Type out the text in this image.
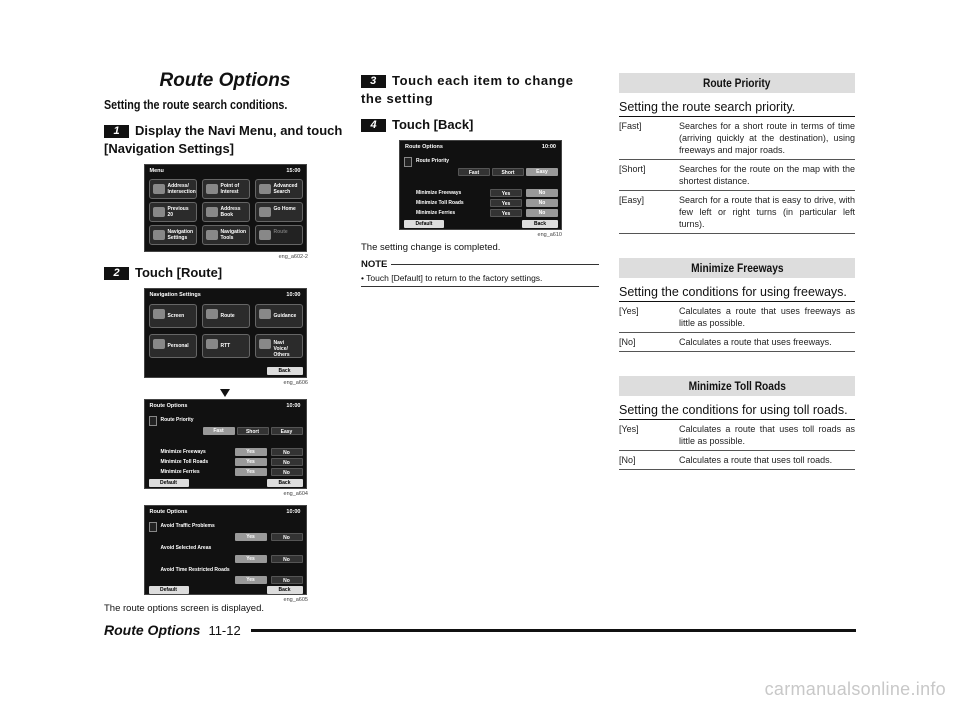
Route Options
Setting the route search conditions.
1 Display the Navi Menu, and touch [Navigation Settings]
Menu	15:00
Address/ Intersection
Point of Interest
Advanced Search
Previous 20
Address Book
Go Home
Navigation Settings
Navigation Tools
Route
eng_a602-2
2 Touch [Route]
Navigation Settings	10:00
Screen	Route	Guidance
Personal	RTT	Navi Voice/ Others
Back
eng_a606
Route Options	10:00
Route Priority
Fast	Short	Easy
Minimize Freeways	Yes	No
Minimize Toll Roads	Yes	No
Minimize Ferries	Yes	No
Default	Back
eng_a604
Route Options	10:00
Avoid Traffic Problems
Yes	No
Avoid Selected Areas
Yes	No
Avoid Time Restricted Roads
Yes	No
Default	Back
eng_a605
The route options screen is displayed.
3 Touch each item to change the setting
4 Touch [Back]
Route Options	10:00
Route Priority
Fast	Short	Easy
Minimize Freeways	Yes	No
Minimize Toll Roads	Yes	No
Minimize Ferries	Yes	No
Default	Back
eng_a610
The setting change is completed.
NOTE
• Touch [Default] to return to the factory settings.
Route Priority
Setting the route search priority.
[Fast]	Searches for a short route in terms of time (arriving quickly at the destination), using freeways and major roads.
[Short]	Searches for the route on the map with the shortest distance.
[Easy]	Search for a route that is easy to drive, with few left or right turns (in particular left turns).
Minimize Freeways
Setting the conditions for using freeways.
[Yes]	Calculates a route that uses freeways as little as possible.
[No]	Calculates a route that uses freeways.
Minimize Toll Roads
Setting the conditions for using toll roads.
[Yes]	Calculates a route that uses toll roads as little as possible.
[No]	Calculates a route that uses toll roads.
Route Options 11-12
carmanualsonline.info
